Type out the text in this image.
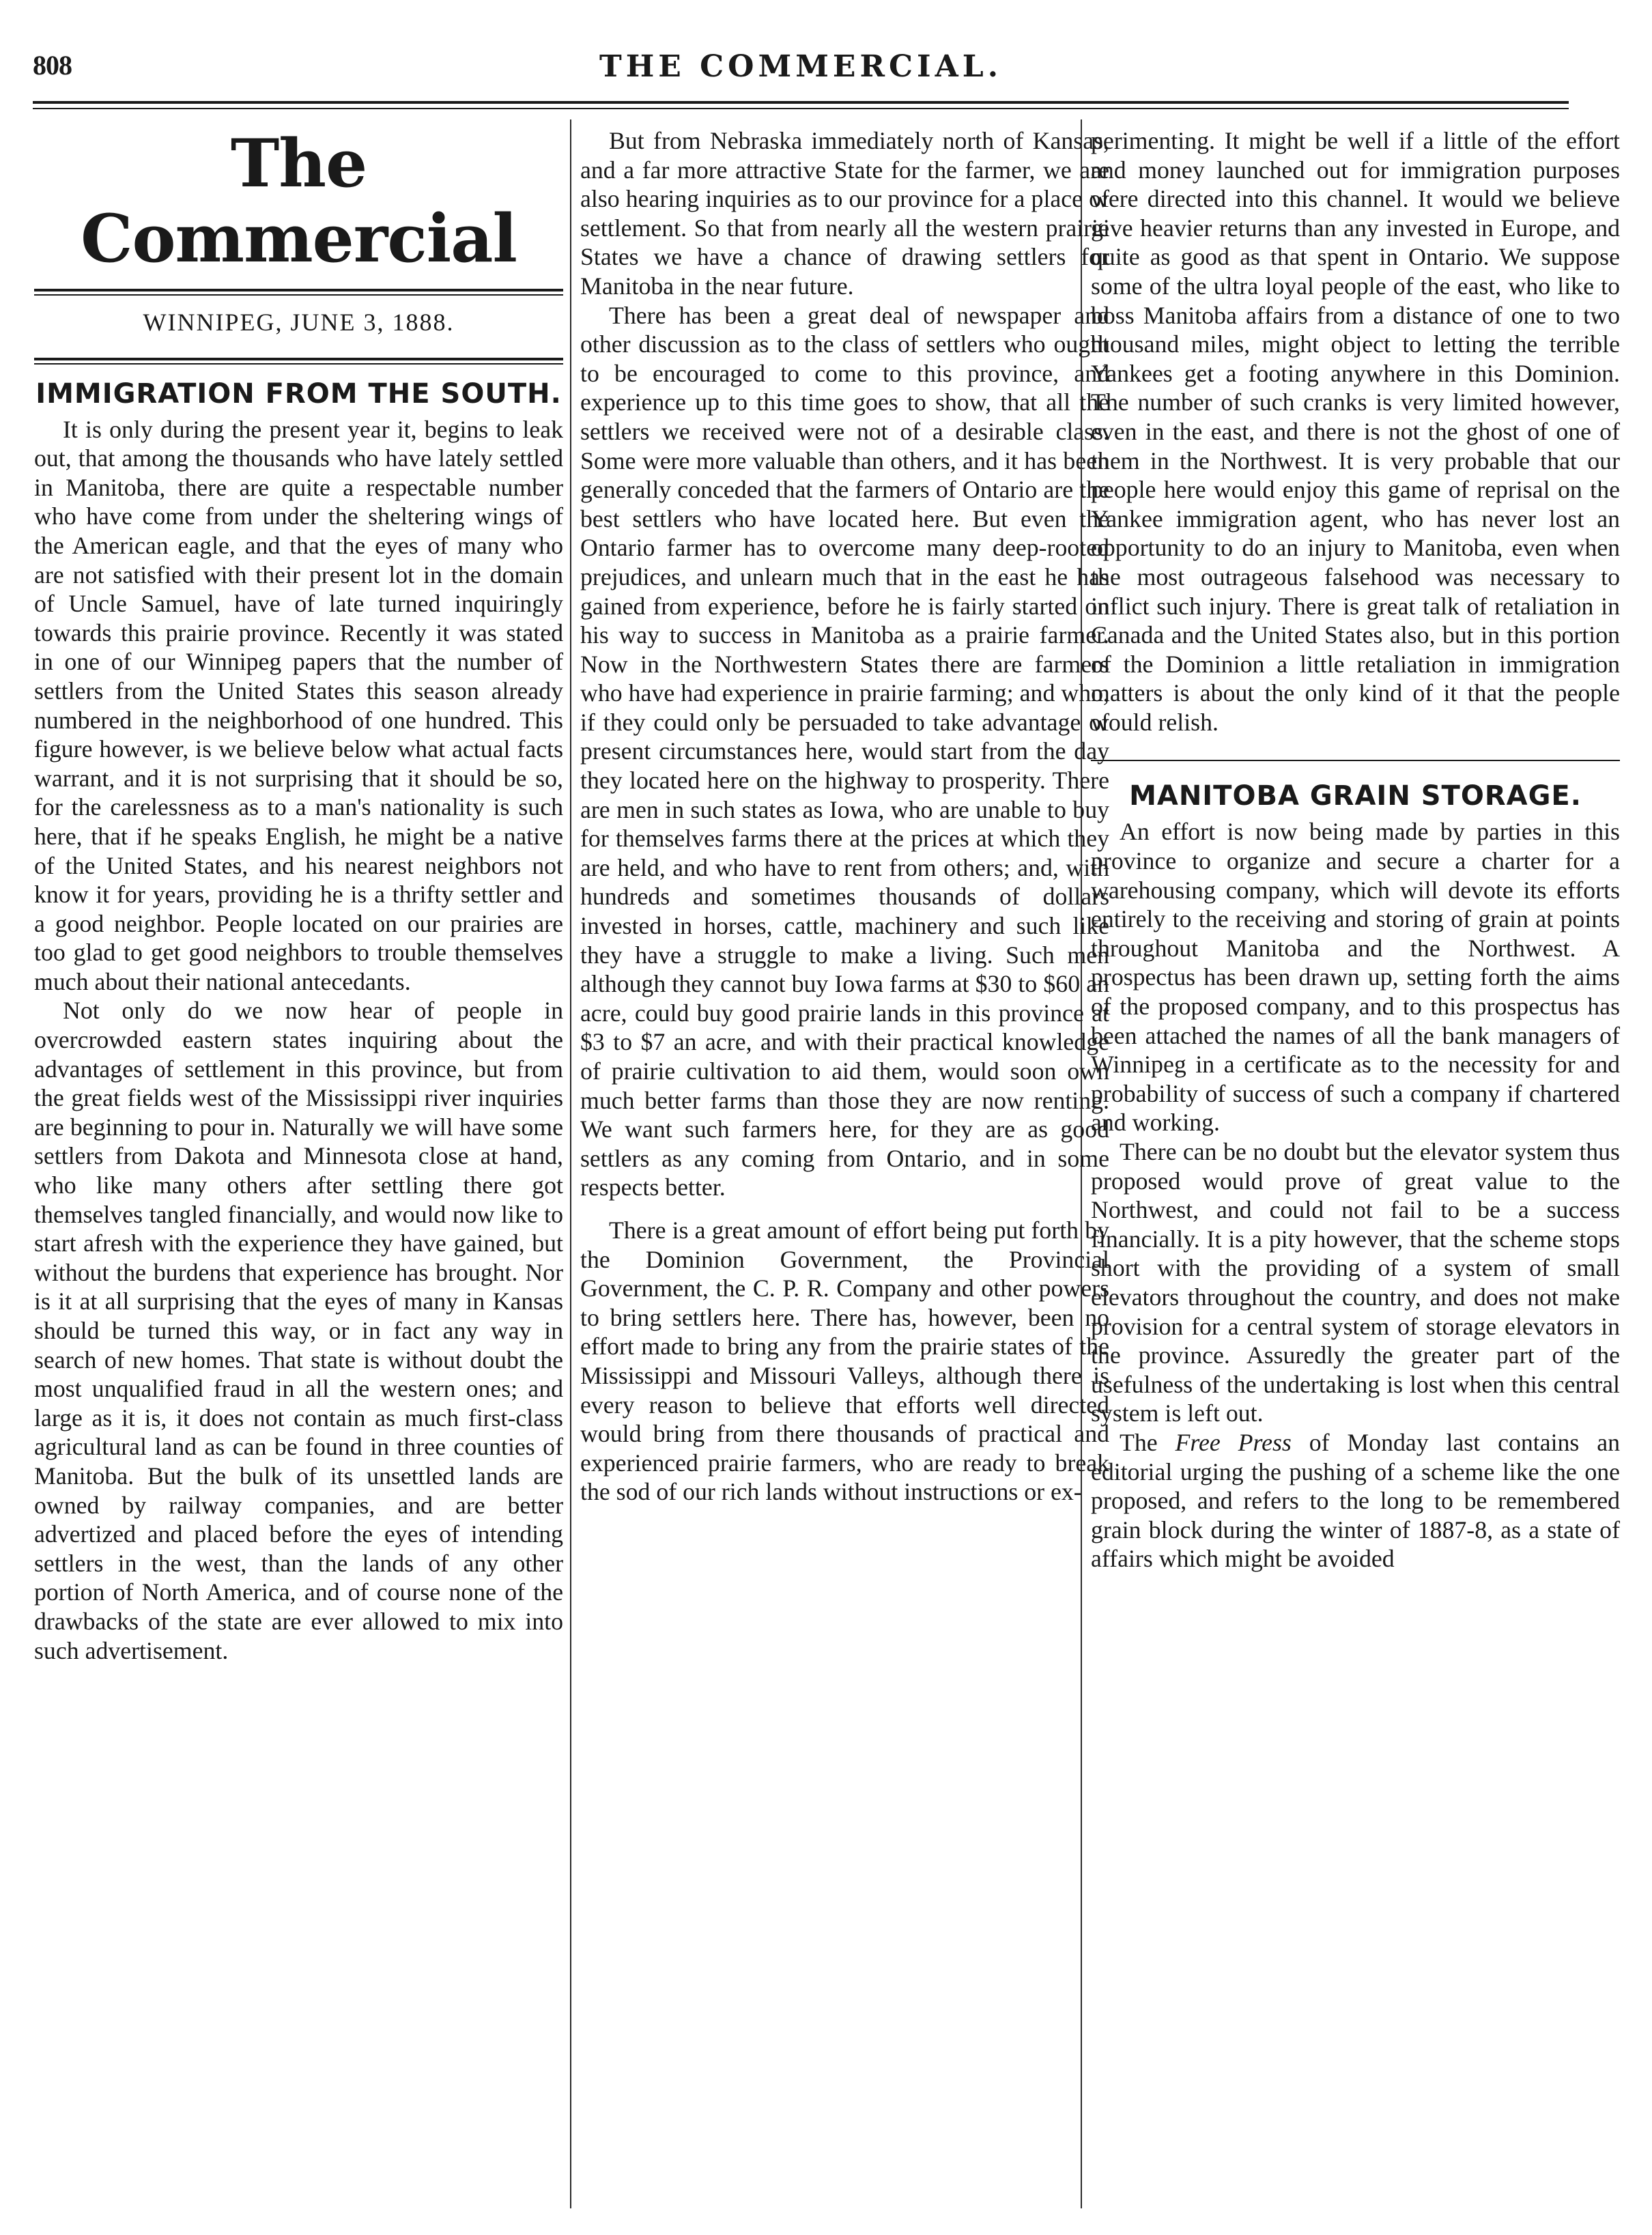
808	THE COMMERCIAL.
The Commercial
WINNIPEG, JUNE 3, 1888.
IMMIGRATION FROM THE SOUTH.

It is only during the present year it, begins to leak out, that among the thousands who have lately settled in Manitoba, there are quite a respectable number who have come from under the sheltering wings of the American eagle, and that the eyes of many who are not satisfied with their present lot in the domain of Uncle Samuel, have of late turned inquiringly towards this prairie province. Recently it was stated in one of our Winnipeg papers that the number of settlers from the United States this season already numbered in the neighborhood of one hundred. This figure however, is we believe below what actual facts warrant, and it is not surprising that it should be so, for the carelessness as to a man's nationality is such here, that if he speaks English, he might be a native of the United States, and his nearest neighbors not know it for years, providing he is a thrifty settler and a good neighbor. People located on our prairies are too glad to get good neighbors to trouble themselves much about their national antecedants.

Not only do we now hear of people in overcrowded eastern states inquiring about the advantages of settlement in this province, but from the great fields west of the Mississippi river inquiries are beginning to pour in. Naturally we will have some settlers from Dakota and Minnesota close at hand, who like many others after settling there got themselves tangled financially, and would now like to start afresh with the experience they have gained, but without the burdens that experience has brought. Nor is it at all surprising that the eyes of many in Kansas should be turned this way, or in fact any way in search of new homes. That state is without doubt the most unqualified fraud in all the western ones; and large as it is, it does not contain as much first-class agricultural land as can be found in three counties of Manitoba. But the bulk of its unsettled lands are owned by railway companies, and are better advertized and placed before the eyes of intending settlers in the west, than the lands of any other portion of North America, and of course none of the drawbacks of the state are ever allowed to mix into such advertisement.

But from Nebraska immediately north of Kansas, and a far more attractive State for the farmer, we are also hearing inquiries as to our province for a place of settlement. So that from nearly all the western prairie States we have a chance of drawing settlers for Manitoba in the near future.

There has been a great deal of newspaper and other discussion as to the class of settlers who ought to be encouraged to come to this province, and experience up to this time goes to show, that all the settlers we received were not of a desirable class. Some were more valuable than others, and it has been generally conceded that the farmers of Ontario are the best settlers who have located here. But even the Ontario farmer has to overcome many deep-rooted prejudices, and unlearn much that in the east he has gained from experience, before he is fairly started on his way to success in Manitoba as a prairie farmer. Now in the Northwestern States there are farmers who have had experience in prairie farming; and who, if they could only be persuaded to take advantage of present circumstances here, would start from the day they located here on the highway to prosperity. There are men in such states as Iowa, who are unable to buy for themselves farms there at the prices at which they are held, and who have to rent from others; and, with hundreds and sometimes thousands of dollars invested in horses, cattle, machinery and such like they have a struggle to make a living. Such men although they cannot buy Iowa farms at $30 to $60 an acre, could buy good prairie lands in this province at $3 to $7 an acre, and with their practical knowledge of prairie cultivation to aid them, would soon own much better farms than those they are now renting. We want such farmers here, for they are as good settlers as any coming from Ontario, and in some respects better.

There is a great amount of effort being put forth by the Dominion Government, the Provincial Government, the C. P. R. Company and other powers to bring settlers here. There has, however, been no effort made to bring any from the prairie states of the Mississippi and Missouri Valleys, although there is every reason to believe that efforts well directed would bring from there thousands of practical and experienced prairie farmers, who are ready to break the sod of our rich lands without instructions or ex-

perimenting. It might be well if a little of the effort and money launched out for immigration purposes were directed into this channel. It would we believe give heavier returns than any invested in Europe, and quite as good as that spent in Ontario. We suppose some of the ultra loyal people of the east, who like to boss Manitoba affairs from a distance of one to two thousand miles, might object to letting the terrible Yankees get a footing anywhere in this Dominion. The number of such cranks is very limited however, even in the east, and there is not the ghost of one of them in the Northwest. It is very probable that our people here would enjoy this game of reprisal on the Yankee immigration agent, who has never lost an opportunity to do an injury to Manitoba, even when the most outrageous falsehood was necessary to inflict such injury. There is great talk of retaliation in Canada and the United States also, but in this portion of the Dominion a little retaliation in immigration matters is about the only kind of it that the people would relish.

MANITOBA GRAIN STORAGE.

An effort is now being made by parties in this province to organize and secure a charter for a warehousing company, which will devote its efforts entirely to the receiving and storing of grain at points throughout Manitoba and the Northwest. A prospectus has been drawn up, setting forth the aims of the proposed company, and to this prospectus has been attached the names of all the bank managers of Winnipeg in a certificate as to the necessity for and probability of success of such a company if chartered and working.

There can be no doubt but the elevator system thus proposed would prove of great value to the Northwest, and could not fail to be a success financially. It is a pity however, that the scheme stops short with the providing of a system of small elevators throughout the country, and does not make provision for a central system of storage elevators in the province. Assuredly the greater part of the usefulness of the undertaking is lost when this central system is left out.

The Free Press of Monday last contains an editorial urging the pushing of a scheme like the one proposed, and refers to the long to be remembered grain block during the winter of 1887-8, as a state of affairs which might be avoided
